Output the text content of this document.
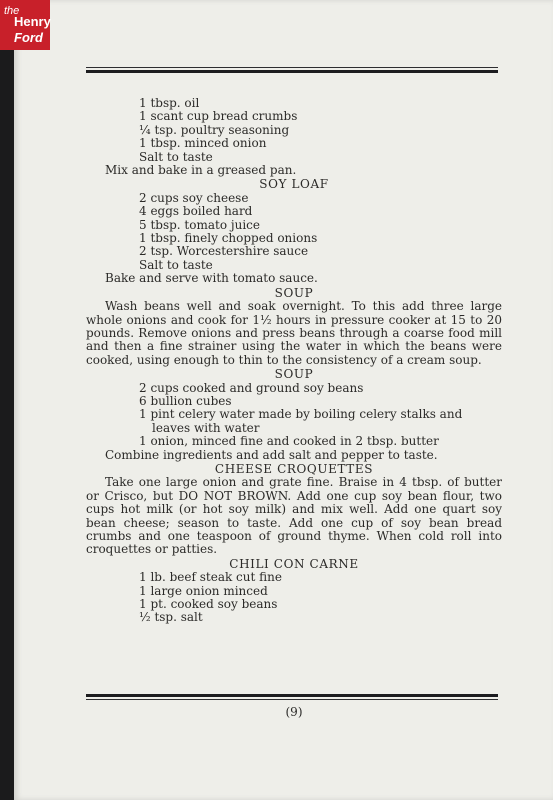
1 tbsp. oil
1 scant cup bread crumbs
¼ tsp. poultry seasoning
1 tbsp. minced onion
Salt to taste
Mix and bake in a greased pan.
SOY LOAF
2 cups soy cheese
4 eggs boiled hard
5 tbsp. tomato juice
1 tbsp. finely chopped onions
2 tsp. Worcestershire sauce
Salt to taste
Bake and serve with tomato sauce.
SOUP
Wash beans well and soak overnight. To this add three large whole onions and cook for 1½ hours in pressure cooker at 15 to 20 pounds. Remove onions and press beans through a coarse food mill and then a fine strainer using the water in which the beans were cooked, using enough to thin to the consistency of a cream soup.
SOUP
2 cups cooked and ground soy beans
6 bullion cubes
1 pint celery water made by boiling celery stalks and
leaves with water
1 onion, minced fine and cooked in 2 tbsp. butter
Combine ingredients and add salt and pepper to taste.
CHEESE CROQUETTES
Take one large onion and grate fine. Braise in 4 tbsp. of butter or Crisco, but DO NOT BROWN. Add one cup soy bean flour, two cups hot milk (or hot soy milk) and mix well. Add one quart soy bean cheese; season to taste. Add one cup of soy bean bread crumbs and one teaspoon of ground thyme. When cold roll into croquettes or patties.
CHILI CON CARNE
1 lb. beef steak cut fine
1 large onion minced
1 pt. cooked soy beans
½ tsp. salt
(9)
the
Henry
Ford
